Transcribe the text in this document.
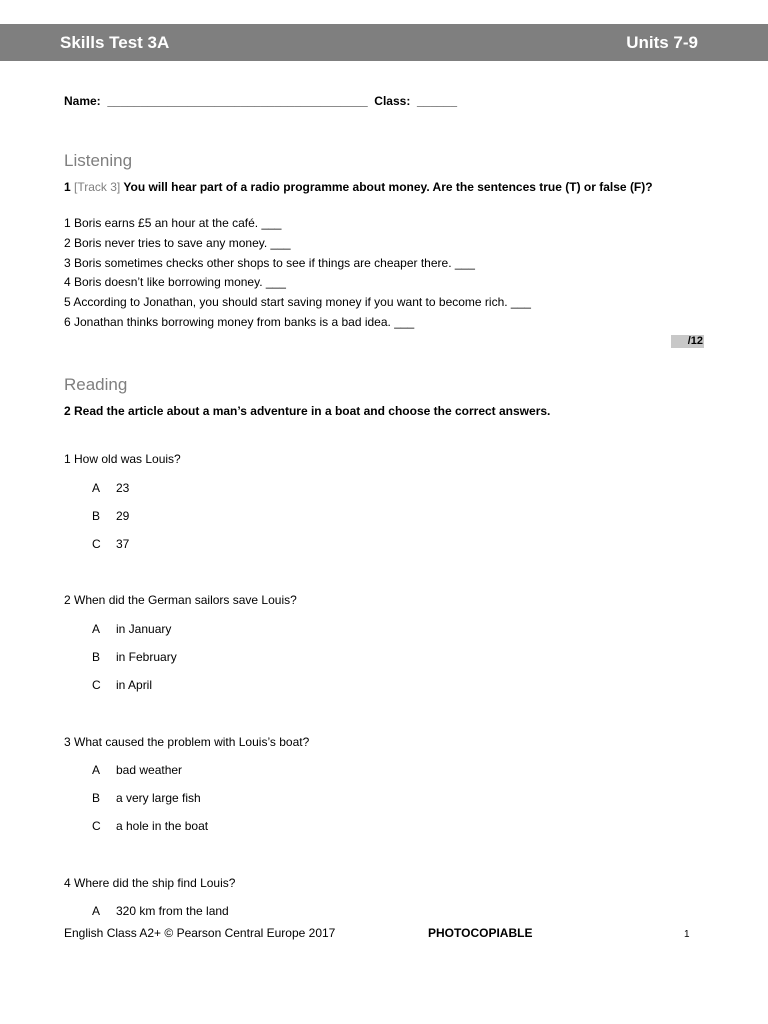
Skills Test 3A	Units 7-9
Name:  _______________________________________  Class:  ______
Listening
1 [Track 3] You will hear part of a radio programme about money. Are the sentences true (T) or false (F)?
1 Boris earns £5 an hour at the café. ___
2 Boris never tries to save any money. ___
3 Boris sometimes checks other shops to see if things are cheaper there. ___
4 Boris doesn’t like borrowing money. ___
5 According to Jonathan, you should start saving money if you want to become rich. ___
6 Jonathan thinks borrowing money from banks is a bad idea. ___
/12
Reading
2 Read the article about a man’s adventure in a boat and choose the correct answers.
1 How old was Louis?
A 23
B 29
C 37
2 When did the German sailors save Louis?
A in January
B in February
C in April
3 What caused the problem with Louis’s boat?
A bad weather
B a very large fish
C a hole in the boat
4 Where did the ship find Louis?
A 320 km from the land
English Class A2+ © Pearson Central Europe 2017	PHOTOCOPIABLE	1
